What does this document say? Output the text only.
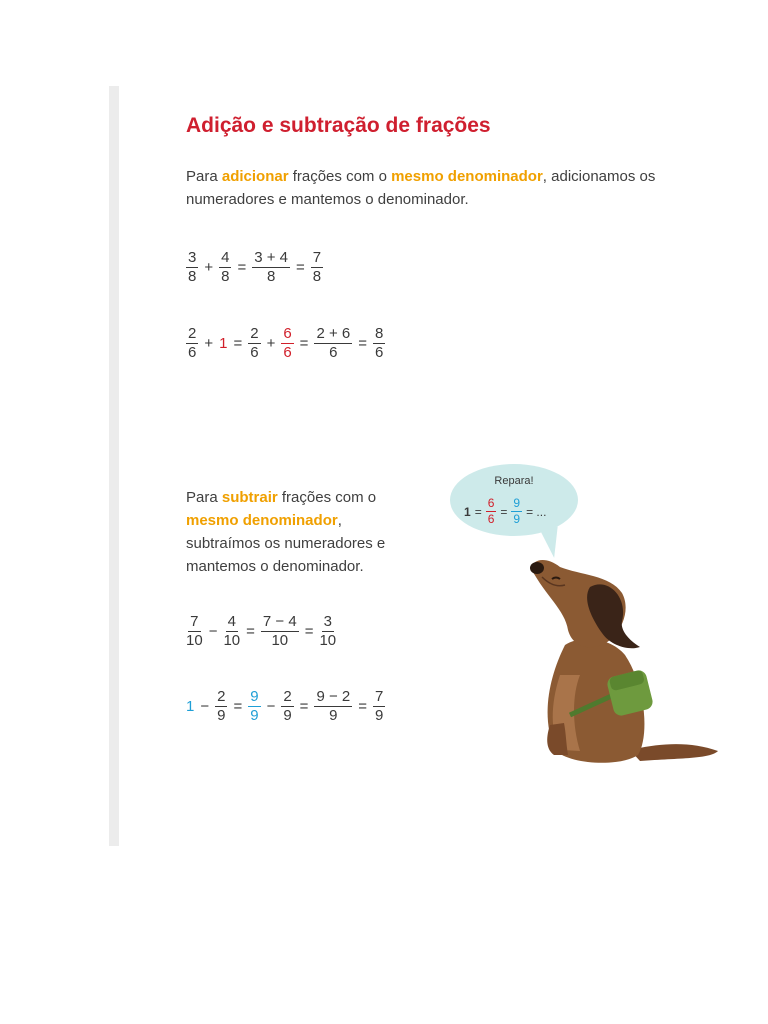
Adição e subtração de frações

Para adicionar frações com o mesmo denominador, adicionamos os numeradores e mantemos o denominador.

$\frac{3}{8} + \frac{4}{8} = \frac{3 + 4}{8} = \frac{7}{8}$
$\frac{2}{6} + 1 = \frac{2}{6} + \frac{6}{6} = \frac{2 + 6}{6} = \frac{8}{6}$

Para subtrair frações com o mesmo denominador, subtraímos os numeradores e mantemos o denominador.

$\frac{7}{10} - \frac{4}{10} = \frac{7 - 4}{10} = \frac{3}{10}$
$1 - \frac{2}{9} = \frac{9}{9} - \frac{2}{9} = \frac{9 - 2}{9} = \frac{7}{9}$
Repara!
$1 = \frac{6}{6} = \frac{9}{9}$ = ...
